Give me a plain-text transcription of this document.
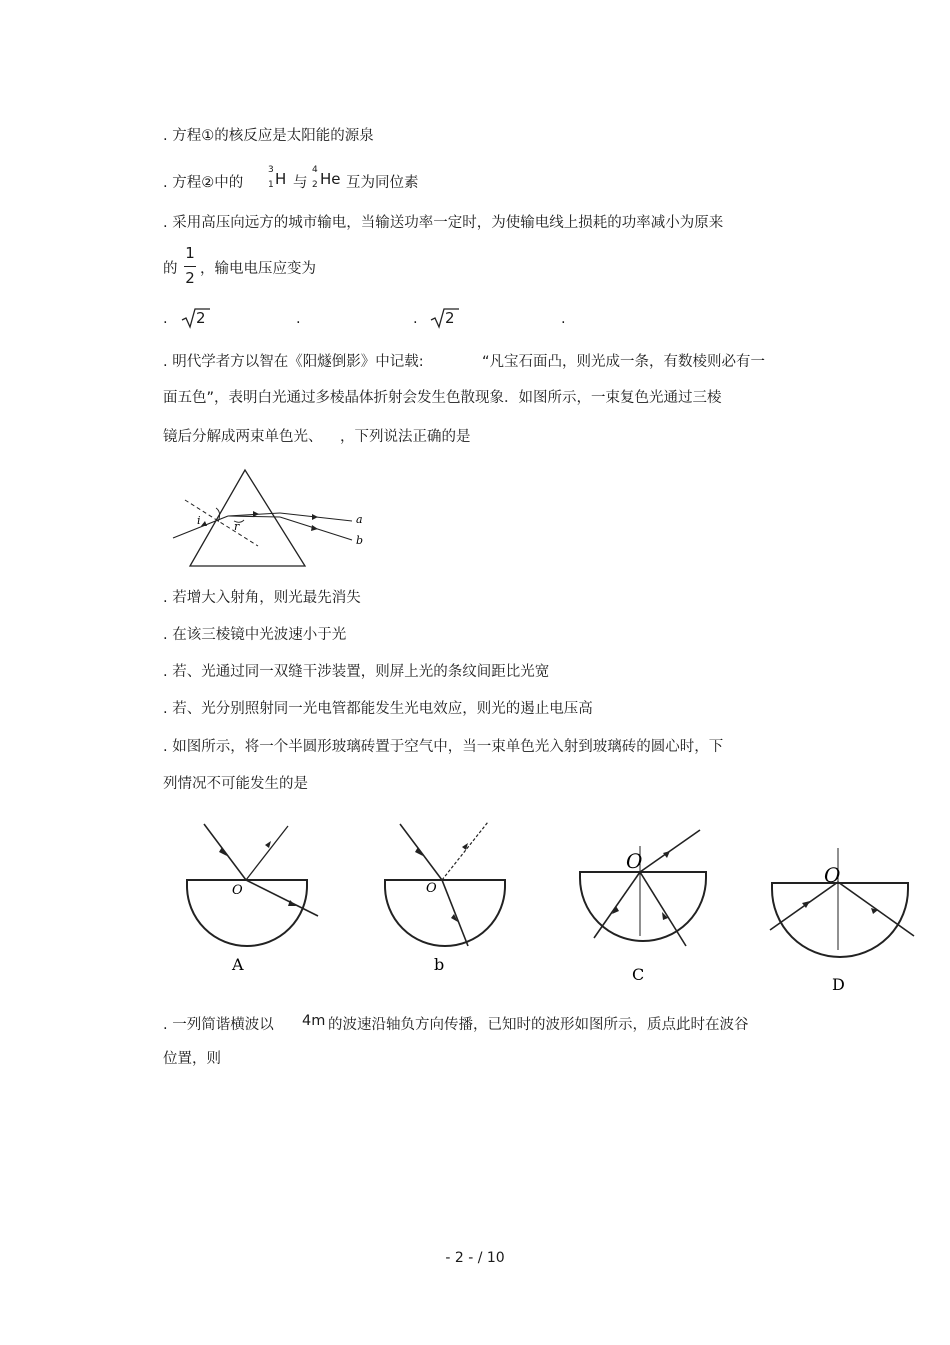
. 方程①的核反应是太阳能的源泉
. 方程②中的
3
1 H 与
4
2 He 互为同位素
. 采用高压向远方的城市输电，当输送功率一定时，为使输电线上损耗的功率减小为原来
的
1
2 ，输电电压应变为
. 2	.	. 2	.
. 明代学者方以智在《阳燧倒影》中记载:	“凡宝石面凸，则光成一条，有数棱则必有一
面五色”，表明白光通过多棱晶体折射会发生色散现象．如图所示，一束复色光通过三棱
镜后分解成两束单色光、 ，下列说法正确的是
i	r
a
b
. 若增大入射角，则光最先消失
. 在该三棱镜中光波速小于光
. 若、光通过同一双缝干涉装置，则屏上光的条纹间距比光宽
. 若、光分别照射同一光电管都能发生光电效应，则光的遏止电压高
. 如图所示，将一个半圆形玻璃砖置于空气中，当一束单色光入射到玻璃砖的圆心时，下
列情况不可能发生的是
O
A
O
b
O
C
O
D
. 一列简谐横波以 4m 的波速沿轴负方向传播，已知时的波形如图所示，质点此时在波谷
位置，则
- 2 - / 10
